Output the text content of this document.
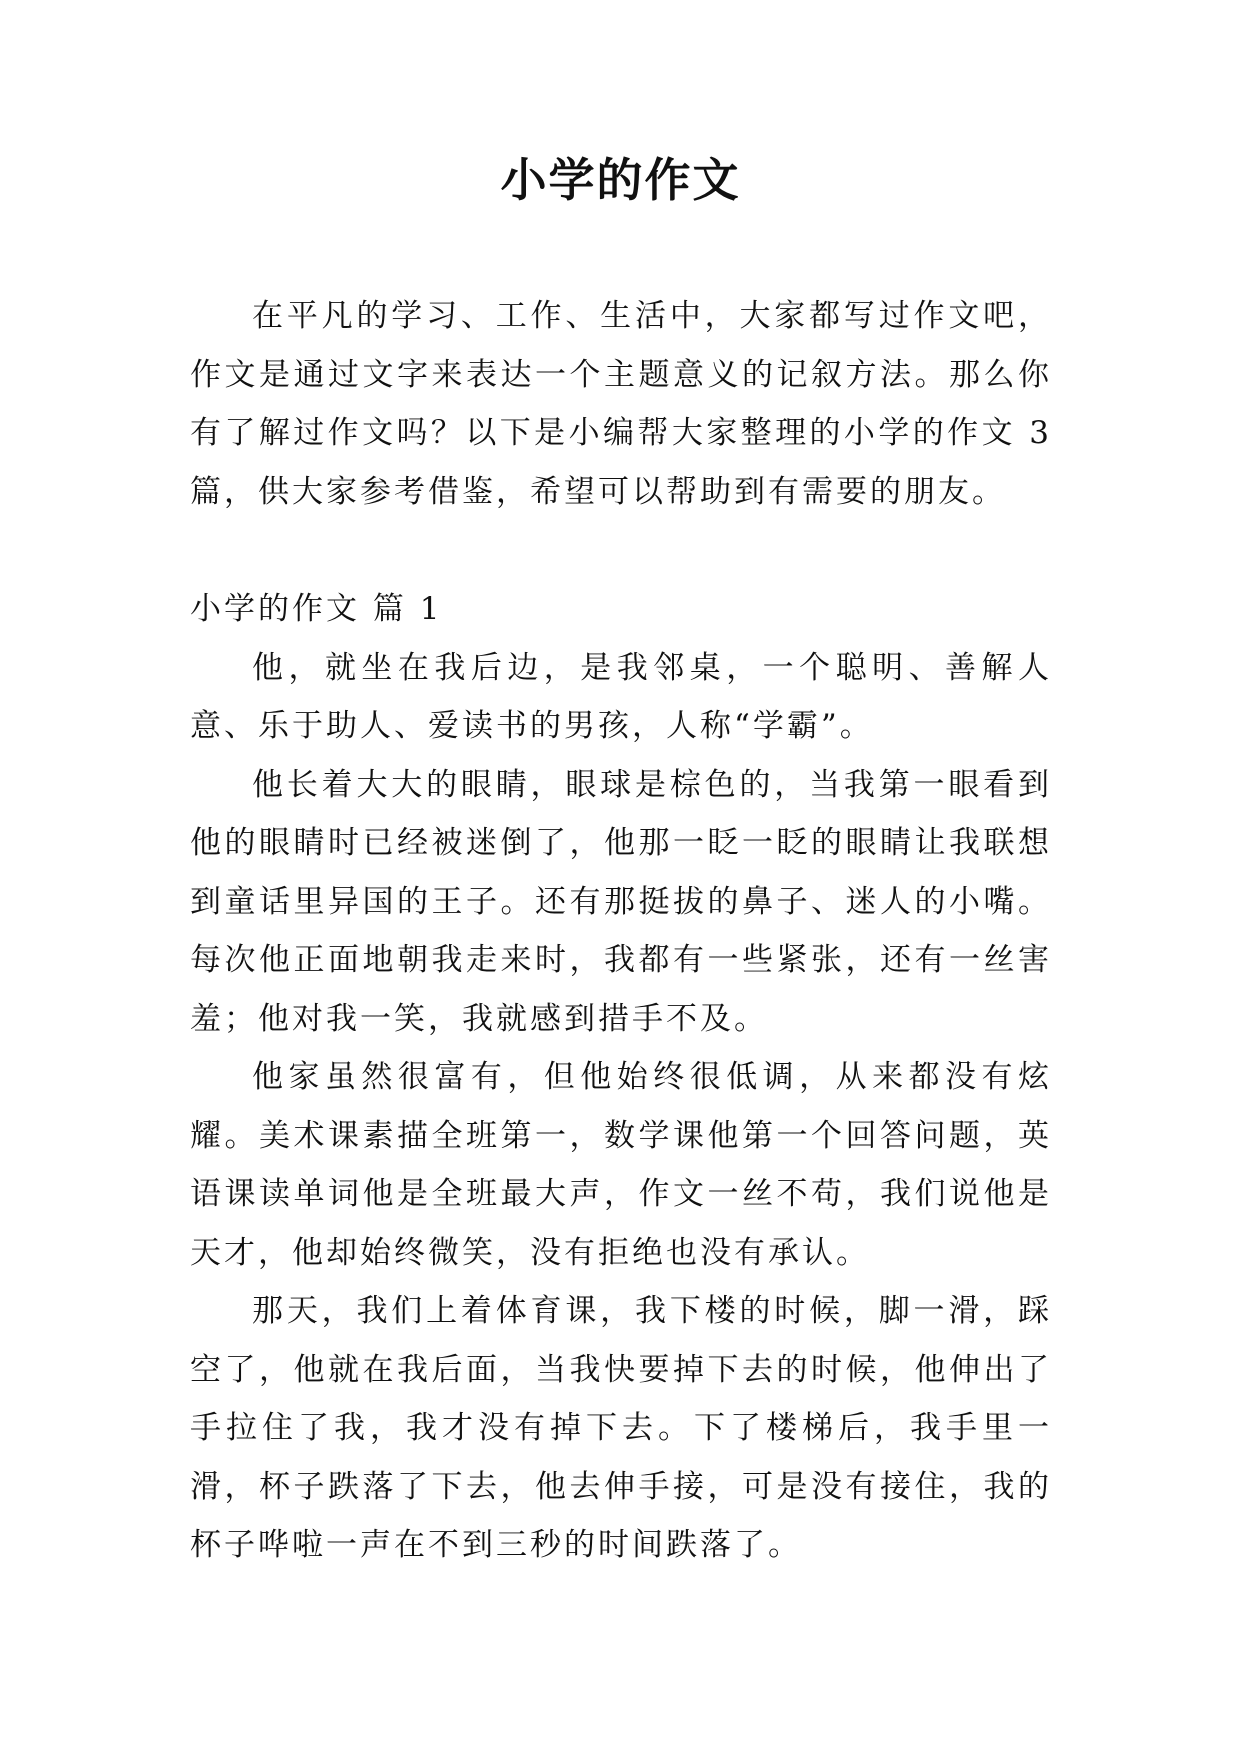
小学的作文

在平凡的学习、工作、生活中，大家都写过作文吧，作文是通过文字来表达一个主题意义的记叙方法。那么你有了解过作文吗？以下是小编帮大家整理的小学的作文 3 篇，供大家参考借鉴，希望可以帮助到有需要的朋友。

小学的作文 篇 1

他，就坐在我后边，是我邻桌，一个聪明、善解人意、乐于助人、爱读书的男孩，人称“学霸”。

他长着大大的眼睛，眼球是棕色的，当我第一眼看到他的眼睛时已经被迷倒了，他那一眨一眨的眼睛让我联想到童话里异国的王子。还有那挺拔的鼻子、迷人的小嘴。每次他正面地朝我走来时，我都有一些紧张，还有一丝害羞；他对我一笑，我就感到措手不及。

他家虽然很富有，但他始终很低调，从来都没有炫耀。美术课素描全班第一，数学课他第一个回答问题，英语课读单词他是全班最大声，作文一丝不苟，我们说他是天才，他却始终微笑，没有拒绝也没有承认。

那天，我们上着体育课，我下楼的时候，脚一滑，踩空了，他就在我后面，当我快要掉下去的时候，他伸出了手拉住了我，我才没有掉下去。下了楼梯后，我手里一滑，杯子跌落了下去，他去伸手接，可是没有接住，我的杯子哗啦一声在不到三秒的时间跌落了。
